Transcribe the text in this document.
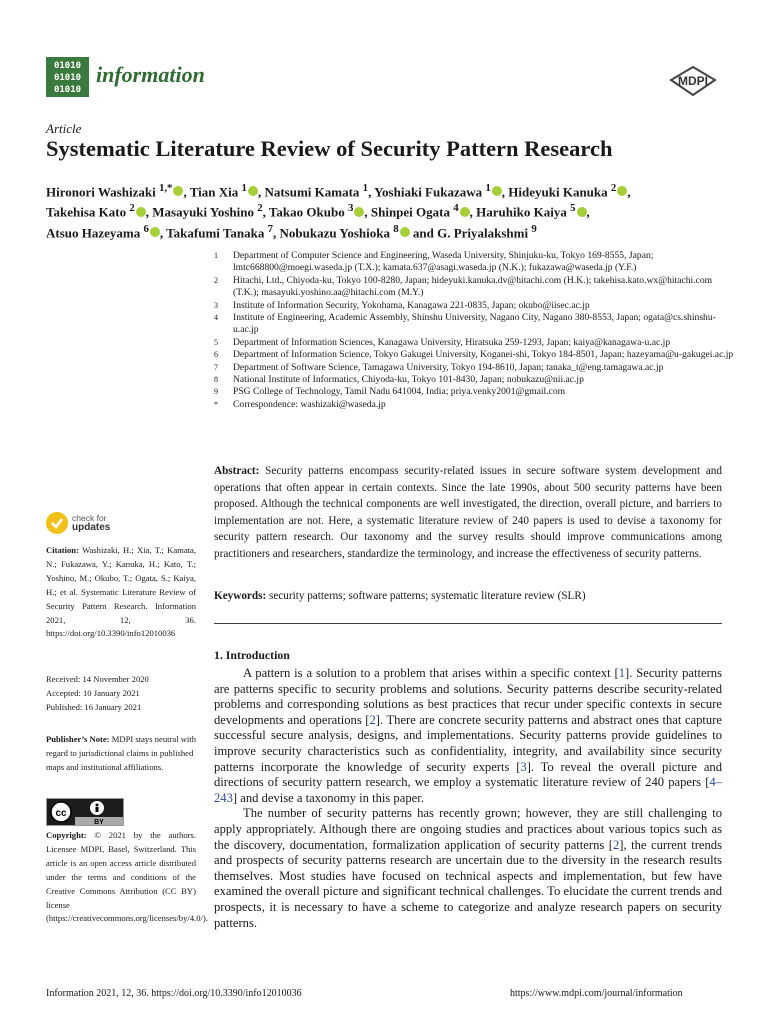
01010
01010
01010
information	MDPI
Article
Systematic Literature Review of Security Pattern Research
Hironori Washizaki $^{1,*}$ , Tian Xia $^1$ , Natsumi Kamata $^1$, Yoshiaki Fukazawa $^1$ , Hideyuki Kanuka $^2$ ,
Takehisa Kato $^2$ , Masayuki Yoshino $^2$, Takao Okubo $^3$ , Shinpei Ogata $^4$ , Haruhiko Kaiya $^5$ ,
Atsuo Hazeyama $^6$ , Takafumi Tanaka $^7$, Nobukazu Yoshioka $^8$ and G. Priyalakshmi $^9$
1	Department of Computer Science and Engineering, Waseda University, Shinjuku-ku, Tokyo 169-8555, Japan; lmtc668800@moegi.waseda.jp (T.X.); kamata.637@asagi.waseda.jp (N.K.); fukazawa@waseda.jp (Y.F.)
2	Hitachi, Ltd., Chiyoda-ku, Tokyo 100-8280, Japan; hideyuki.kanuka.dv@hitachi.com (H.K.); takehisa.kato.wx@hitachi.com (T.K.); masayuki.yoshino.aa@hitachi.com (M.Y.)
3	Institute of Information Security, Yokohama, Kanagawa 221-0835, Japan; okubo@iisec.ac.jp
4	Institute of Engineering, Academic Assembly, Shinshu University, Nagano City, Nagano 380-8553, Japan; ogata@cs.shinshu-u.ac.jp
5	Department of Information Sciences, Kanagawa University, Hiratsuka 259-1293, Japan; kaiya@kanagawa-u.ac.jp
6	Department of Information Science, Tokyo Gakugei University, Koganei-shi, Tokyo 184-8501, Japan; hazeyama@u-gakugei.ac.jp
7	Department of Software Science, Tamagawa University, Tokyo 194-8610, Japan; tanaka_t@eng.tamagawa.ac.jp
8	National Institute of Informatics, Chiyoda-ku, Tokyo 101-8430, Japan; nobukazu@nii.ac.jp
9	PSG College of Technology, Tamil Nadu 641004, India; priya.venky2001@gmail.com
*	Correspondence: washizaki@waseda.jp
Abstract: Security patterns encompass security-related issues in secure software system development and operations that often appear in certain contexts. Since the late 1990s, about 500 security patterns have been proposed. Although the technical components are well investigated, the direction, overall picture, and barriers to implementation are not. Here, a systematic literature review of 240 papers is used to devise a taxonomy for security pattern research. Our taxonomy and the survey results should improve communications among practitioners and researchers, standardize the terminology, and increase the effectiveness of security patterns.
Keywords: security patterns; software patterns; systematic literature review (SLR)
1. Introduction

A pattern is a solution to a problem that arises within a specific context [1]. Security patterns are patterns specific to security problems and solutions. Security patterns describe security-related problems and corresponding solutions as best practices that recur under specific contexts in secure developments and operations [2]. There are concrete security patterns and abstract ones that capture successful secure analysis, designs, and implementations. Security patterns provide guidelines to improve security characteristics such as confidentiality, integrity, and availability since security patterns incorporate the knowledge of security experts [3]. To reveal the overall picture and directions of security pattern research, we employ a systematic literature review of 240 papers [4–243] and devise a taxonomy in this paper.

The number of security patterns has recently grown; however, they are still challenging to apply appropriately. Although there are ongoing studies and practices about various topics such as the discovery, documentation, formalization application of security patterns [2], the current trends and prospects of security patterns research are uncertain due to the diversity in the research results themselves. Most studies have focused on technical aspects and implementation, but few have examined the overall picture and significant technical challenges. To elucidate the current trends and prospects, it is necessary to have a scheme to categorize and analyze research papers on security patterns.

check for
updates
Citation: Washizaki, H.; Xia, T.; Kamata, N.; Fukazawa, Y.; Kanuka, H.; Kato, T.; Yoshino, M.; Okubo, T.; Ogata, S.; Kaiya, H.; et al. Systematic Literature Review of Security Pattern Research. Information 2021, 12, 36. https://doi.org/10.3390/info12010036
Received: 14 November 2020
Accepted: 10 January 2021
Published: 16 January 2021
Publisher’s Note: MDPI stays neutral with regard to jurisdictional claims in published maps and institutional affiliations.
cc
BY
Copyright: © 2021 by the authors. Licensee MDPI, Basel, Switzerland. This article is an open access article distributed under the terms and conditions of the Creative Commons Attribution (CC BY) license (https://creativecommons.org/licenses/by/4.0/).
Information 2021, 12, 36. https://doi.org/10.3390/info12010036	https://www.mdpi.com/journal/information
